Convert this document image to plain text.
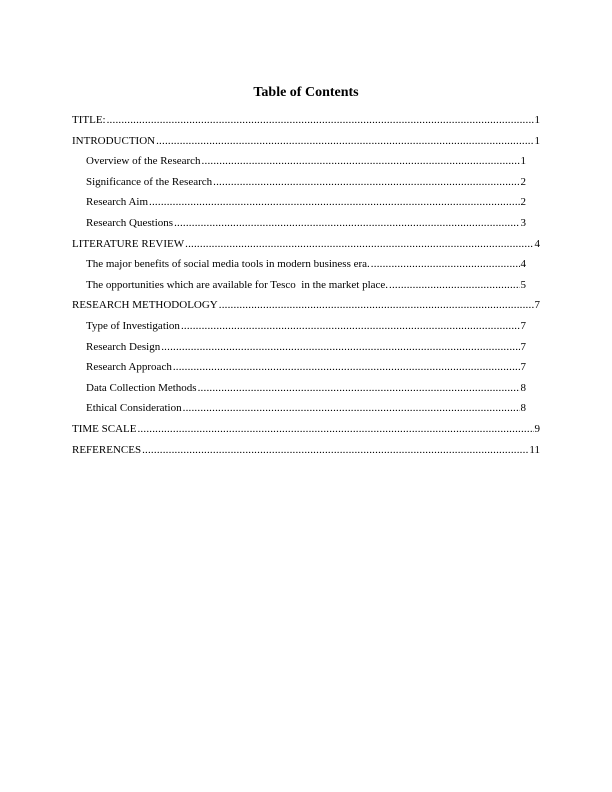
Table of Contents
TITLE: .....	1
INTRODUCTION .....	1
Overview of the Research .....	1
Significance of the Research .....	2
Research Aim .....	2
Research Questions .....	3
LITERATURE REVIEW .....	4
The major benefits of social media tools in modern business era. .....	4
The opportunities which are available for Tesco  in the market place. .....	5
RESEARCH METHODOLOGY .....	7
Type of Investigation .....	7
Research Design .....	7
Research Approach .....	7
Data Collection Methods .....	8
Ethical Consideration .....	8
TIME SCALE .....	9
REFERENCES .....	11
